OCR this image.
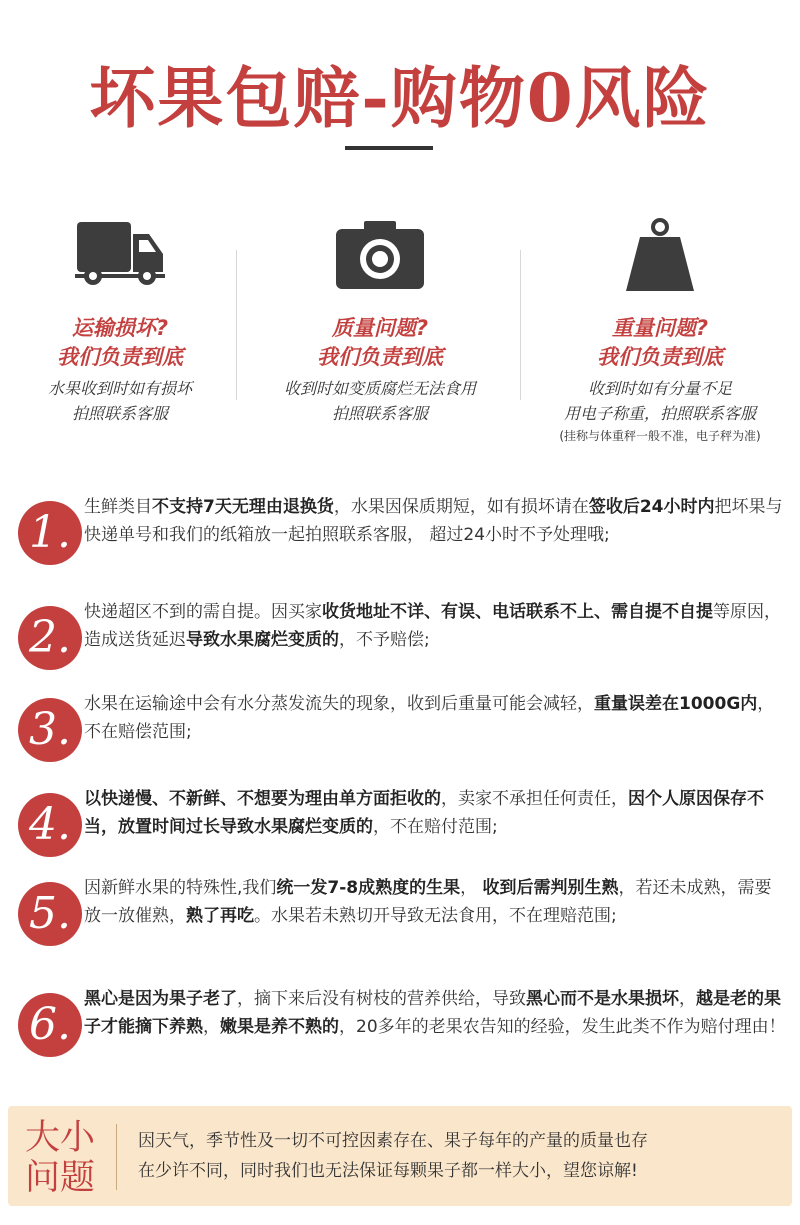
坏果包赔-购物0风险
运输损坏?
我们负责到底
水果收到时如有损坏
拍照联系客服
质量问题?
我们负责到底
收到时如变质腐烂无法食用
拍照联系客服
重量问题?
我们负责到底
收到时如有分量不足
用电子称重，拍照联系客服
(挂称与体重秤一般不准，电子秤为准)
1. 生鲜类目不支持7天无理由退换货，水果因保质期短，如有损坏请在签收后24小时内把坏果与快递单号和我们的纸箱放一起拍照联系客服， 超过24小时不予处理哦;
2. 快递超区不到的需自提。因买家收货地址不详、有误、电话联系不上、需自提不自提等原因，造成送货延迟导致水果腐烂变质的，不予赔偿;
3. 水果在运输途中会有水分蒸发流失的现象，收到后重量可能会减轻，重量误差在1000G内，不在赔偿范围;
4. 以快递慢、不新鲜、不想要为理由单方面拒收的，卖家不承担任何责任，因个人原因保存不当，放置时间过长导致水果腐烂变质的，不在赔付范围;
5. 因新鲜水果的特殊性,我们统一发7-8成熟度的生果， 收到后需判别生熟，若还未成熟，需要放一放催熟，熟了再吃。水果若未熟切开导致无法食用，不在理赔范围;
6. 黑心是因为果子老了，摘下来后没有树枝的营养供给，导致黑心而不是水果损坏，越是老的果子才能摘下养熟，嫩果是养不熟的，20多年的老果农告知的经验，发生此类不作为赔付理由！
大小
问题
因天气，季节性及一切不可控因素存在、果子每年的产量的质量也存
在少许不同，同时我们也无法保证每颗果子都一样大小，望您谅解!
